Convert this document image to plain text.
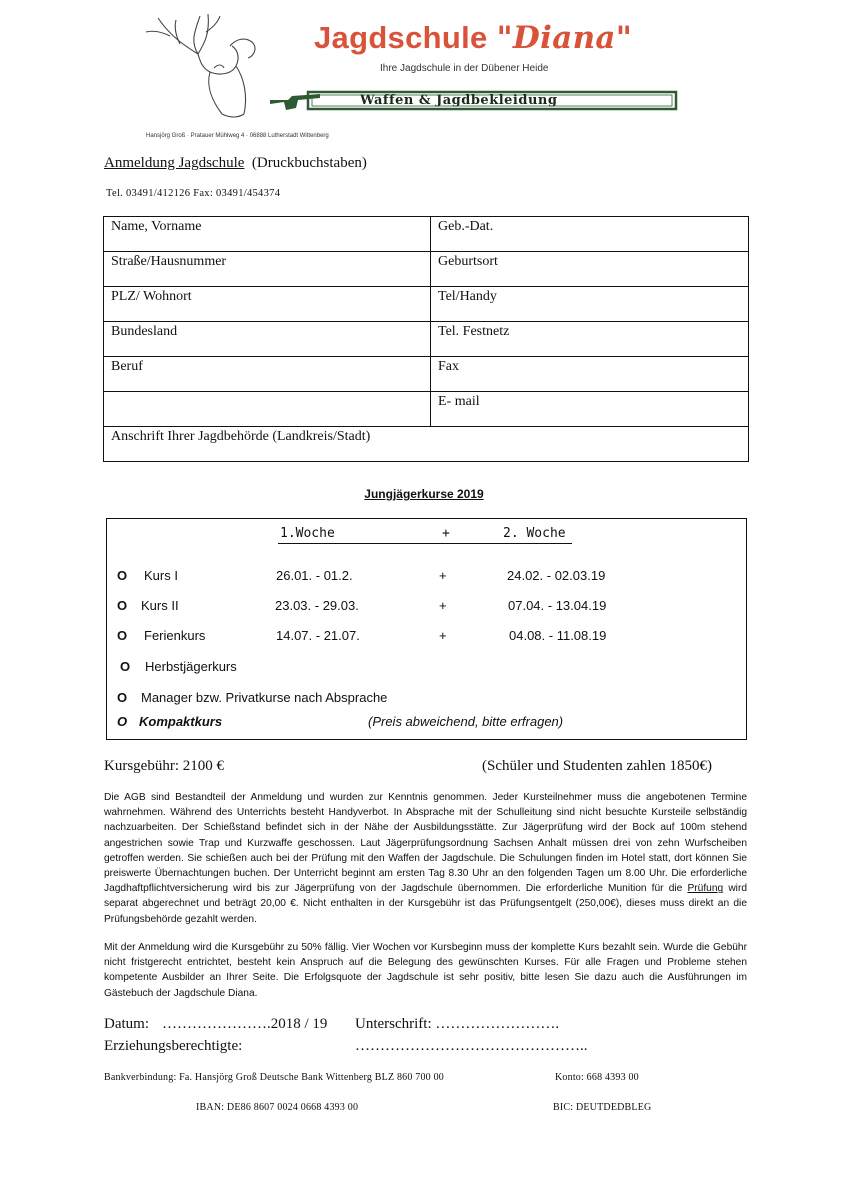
Jagdschule "Diana"
Ihre Jagdschule in der Dübener Heide
Waffen & Jagdbekleidung
Hansjörg Groß · Pratauer Mühlweg 4 · 06888 Lutherstadt Wittenberg
Anmeldung Jagdschule (Druckbuchstaben)
Tel. 03491/412126 Fax: 03491/454374
Name, Vorname	Geb.-Dat.
Straße/Hausnummer	Geburtsort
PLZ/ Wohnort	Tel/Handy
Bundesland	Tel. Festnetz
Beruf	Fax
	E- mail
Anschrift Ihrer Jagdbehörde (Landkreis/Stadt)	
Jungjägerkurse 2019
1.Woche	+	2. Woche
O Kurs I	26.01. - 01.2.	+	24.02. - 02.03.19
O Kurs II	23.03. - 29.03.	+	07.04. - 13.04.19
O Ferienkurs	14.07. - 21.07.	+	04.08. - 11.08.19
O Herbstjägerkurs
O Manager bzw. Privatkurse nach Absprache
O Kompaktkurs	(Preis abweichend, bitte erfragen)
Kursgebühr: 2100 €	(Schüler und Studenten zahlen 1850€)
Die AGB sind Bestandteil der Anmeldung und wurden zur Kenntnis genommen. Jeder Kursteilnehmer muss die angebotenen Termine wahrnehmen. Während des Unterrichts besteht Handyverbot. In Absprache mit der Schulleitung sind nicht besuchte Kursteile selbständig nachzuarbeiten. Der Schießstand befindet sich in der Nähe der Ausbildungsstätte. Zur Jägerprüfung wird der Bock auf 100m stehend angestrichen sowie Trap und Kurzwaffe geschossen. Laut Jägerprüfungsordnung Sachsen Anhalt müssen drei von zehn Wurfscheiben getroffen werden. Sie schießen auch bei der Prüfung mit den Waffen der Jagdschule. Die Schulungen finden im Hotel statt, dort können Sie preiswerte Übernachtungen buchen. Der Unterricht beginnt am ersten Tag 8.30 Uhr an den folgenden Tagen um 8.00 Uhr. Die erforderliche Jagdhaftpflichtversicherung wird bis zur Jägerprüfung von der Jagdschule übernommen. Die erforderliche Munition für die Prüfung wird separat abgerechnet und beträgt 20,00 €. Nicht enthalten in der Kursgebühr ist das Prüfungsentgelt (250,00€), dieses muss direkt an die Prüfungsbehörde gezahlt werden.
Mit der Anmeldung wird die Kursgebühr zu 50% fällig. Vier Wochen vor Kursbeginn muss der komplette Kurs bezahlt sein. Wurde die Gebühr nicht fristgerecht entrichtet, besteht kein Anspruch auf die Belegung des gewünschten Kurses. Für alle Fragen und Probleme stehen kompetente Ausbilder an Ihrer Seite. Die Erfolgsquote der Jagdschule ist sehr positiv, bitte lesen Sie dazu auch die Ausführungen im Gästebuch der Jagdschule Diana.
Datum: ………………….2018 / 19 Unterschrift: …………………….
Erziehungsberechtigte:	………………………………………..
Bankverbindung: Fa. Hansjörg Groß Deutsche Bank Wittenberg BLZ 860 700 00	Konto: 668 4393 00
IBAN: DE86 8607 0024 0668 4393 00	BIC: DEUTDEDBLEG
